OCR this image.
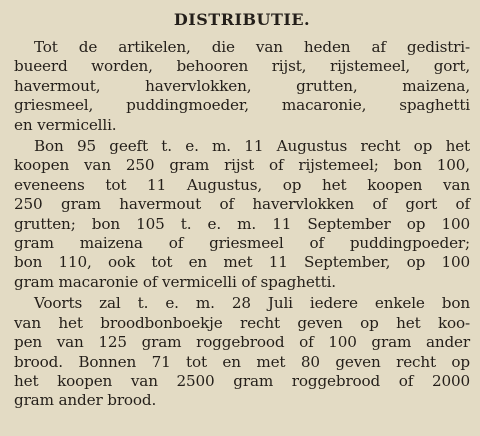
DISTRIBUTIE.

Tot de artikelen, die van heden af gedistri-
bueerd worden, behooren rijst, rijstemeel, gort,
havermout, havervlokken, grutten, maizena,
griesmeel, puddingmoeder, macaronie, spaghetti
en vermicelli.

Bon 95 geeft t. e. m. 11 Augustus recht op het
koopen van 250 gram rijst of rijstemeel; bon 100,
eveneens tot 11 Augustus, op het koopen van
250 gram havermout of havervlokken of gort of
grutten; bon 105 t. e. m. 11 September op 100
gram maizena of griesmeel of puddingpoeder;
bon 110, ook tot en met 11 September, op 100
gram macaronie of vermicelli of spaghetti.

Voorts zal t. e. m. 28 Juli iedere enkele bon
van het broodbonboekje recht geven op het koo-
pen van 125 gram roggebrood of 100 gram ander
brood. Bonnen 71 tot en met 80 geven recht op
het koopen van 2500 gram roggebrood of 2000
gram ander brood.
